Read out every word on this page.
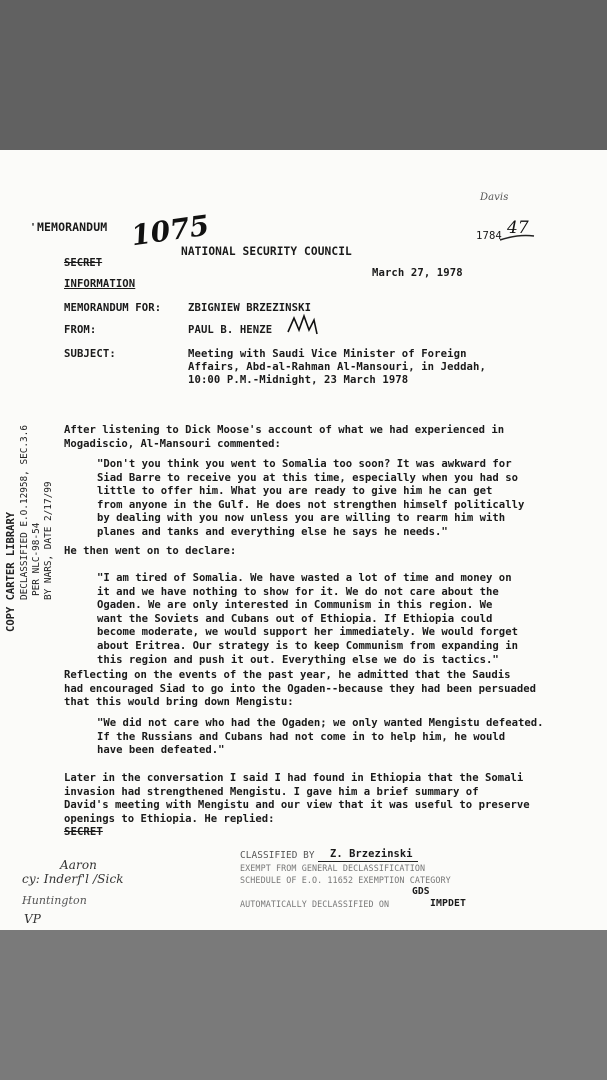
Davis
' MEMORANDUM 1075
NATIONAL SECURITY COUNCIL
SECRET
1784 47
March 27, 1978
INFORMATION
MEMORANDUM FOR:	ZBIGNIEW BRZEZINSKI
FROM:	PAUL B. HENZE
SUBJECT:	Meeting with Saudi Vice Minister of Foreign
Affairs, Abd-al-Rahman Al-Mansouri, in Jeddah,
10:00 P.M.-Midnight, 23 March 1978
After listening to Dick Moose's account of what we had experienced in
Mogadiscio, Al-Mansouri commented:
"Don't you think you went to Somalia too soon? It was awkward for
Siad Barre to receive you at this time, especially when you had so
little to offer him. What you are ready to give him he can get
from anyone in the Gulf. He does not strengthen himself politically
by dealing with you now unless you are willing to rearm him with
planes and tanks and everything else he says he needs."
He then went on to declare:
"I am tired of Somalia. We have wasted a lot of time and money on
it and we have nothing to show for it. We do not care about the
Ogaden. We are only interested in Communism in this region. We
want the Soviets and Cubans out of Ethiopia. If Ethiopia could
become moderate, we would support her immediately. We would forget
about Eritrea. Our strategy is to keep Communism from expanding in
this region and push it out. Everything else we do is tactics."
Reflecting on the events of the past year, he admitted that the Saudis
had encouraged Siad to go into the Ogaden--because they had been persuaded
that this would bring down Mengistu:
"We did not care who had the Ogaden; we only wanted Mengistu defeated.
If the Russians and Cubans had not come in to help him, he would
have been defeated."
Later in the conversation I said I had found in Ethiopia that the Somali
invasion had strengthened Mengistu. I gave him a brief summary of
David's meeting with Mengistu and our view that it was useful to preserve
openings to Ethiopia. He replied:
SECRET
CLASSIFIED BY Z. Brzezinski
EXEMPT FROM GENERAL DECLASSIFICATION
SCHEDULE OF E.O. 11652 EXEMPTION CATEGORY
GDS
AUTOMATICALLY DECLASSIFIED ON	IMPDET
COPY CARTER LIBRARY DECLASSIFIED E.O.12958, SEC.3.6 PER NLC-98-54 BY NARS, DATE 2/17/99
Aaron
cy: Inderf'l /Sick
Huntington
VP
